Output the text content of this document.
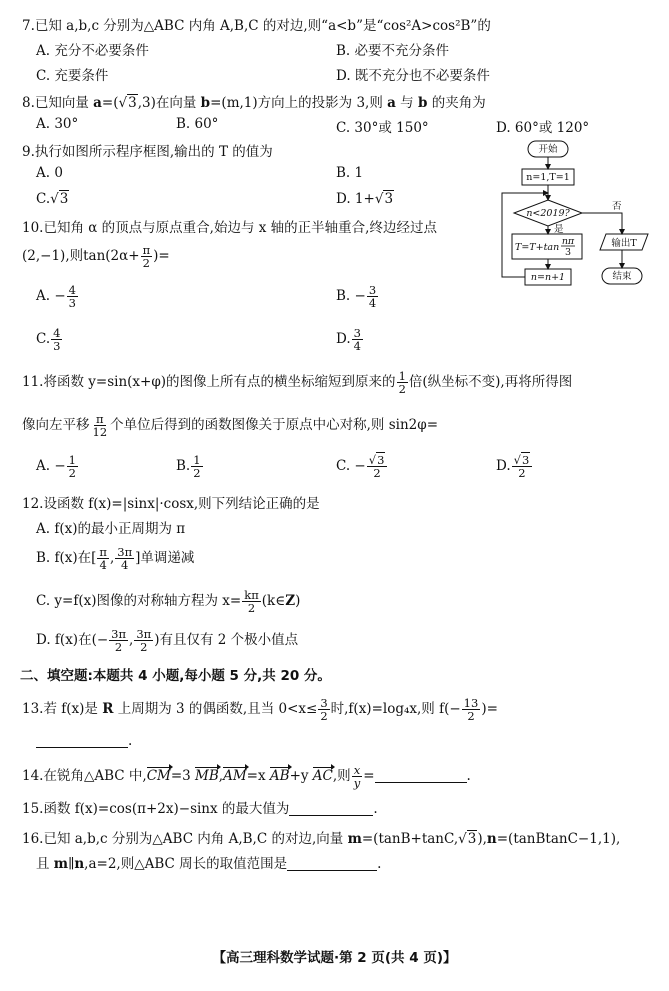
7.已知 a,b,c 分别为△ABC 内角 A,B,C 的对边,则“a<b”是“cos²A>cos²B”的
A. 充分不必要条件	B. 必要不充分条件
C. 充要条件	D. 既不充分也不必要条件
8.已知向量 a=(√3,3)在向量 b=(m,1)方向上的投影为 3,则 a 与 b 的夹角为
A. 30°	B. 60°	C. 30°或 150°	D. 60°或 120°
9.执行如图所示程序框图,输出的 T 的值为
A. 0	B. 1
C.√3	D. 1+√3
开始
n=1,T=1
n<2019?
是
T=T+tan
nπ
3
n=n+1
否
输出T
结束
10.已知角 α 的顶点与原点重合,始边与 x 轴的正半轴重合,终边经过点
(2,−1),则$\tan(2\alpha+ \frac{\pi}{2}$ )=
A. − $\frac{4}{3}$	B. − $\frac{3}{4}$
C. $\frac{4}{3}$	D. $\frac{3}{4}$
11.将函数 y=sin(x+φ)的图像上所有点的横坐标缩短到原来的 $\frac{1}{2}$ 倍(纵坐标不变),再将所得图
像向左平移 $\frac{\pi}{12}$ 个单位后得到的函数图像关于原点中心对称,则 sin2φ=
A. − $\frac{1}{2}$	B. $\frac{1}{2}$	C. − $\frac{√3}{2}$	D. $\frac{√3}{2}$
12.设函数 f(x)=|sinx|·cosx,则下列结论正确的是
A. f(x)的最小正周期为 π
B. f(x)在[ $\frac{\pi}{4}$ , $\frac{3\pi}{4}$ ]单调递减
C. y=f(x)图像的对称轴方程为 $x= \frac{k\pi}{2}$ (k∈Z)
D. f(x)在(− $\frac{3\pi}{2}$ , $\frac{3\pi}{2}$ )有且仅有 2 个极小值点
二、填空题:本题共 4 小题,每小题 5 分,共 20 分。
13.若 f(x)是 R 上周期为 3 的偶函数,且当 $0<x\le \frac{3}{2}$ 时,f(x)=log₄x,则 $f(- \frac{13}{2}$ )=
.
14.在锐角△ABC 中,CM=3 MB,AM=x AB+y AC,则 $\frac{x}{y}$ =	.
15.函数 f(x)=cos(π+2x)−sinx 的最大值为	.
16.已知 a,b,c 分别为△ABC 内角 A,B,C 的对边,向量 m=(tanB+tanC,√3),n=(tanBtanC−1,1),
且 m∥n,a=2,则△ABC 周长的取值范围是	.
【高三理科数学试题·第 2 页(共 4 页)】
